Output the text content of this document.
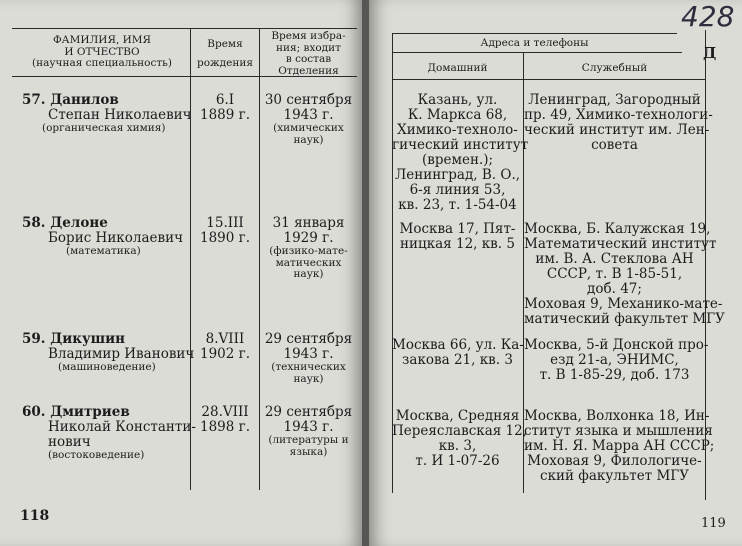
ФАМИЛИЯ, ИМЯ
И ОТЧЕСТВО
(научная специальность)
Время
рождения
Время избра-
ния; входит
в состав
Отделения
57. Данилов
Степан Николаевич
(органическая химия)
6.I
1889 г.
30 сентября
1943 г.
(химических
наук)
58. Делоне
Борис Николаевич
(математика)
15.III
1890 г.
31 января
1929 г.
(физико-мате-
матических
наук)
59. Дикушин
Владимир Иванович
(машиноведение)
8.VIII
1902 г.
29 сентября
1943 г.
(технических
наук)
60. Дмитриев
Николай Константи-
нович
(востоковедение)
28.VIII
1898 г.
29 сентября
1943 г.
(литературы и
языка)
118
428
Адреса и телефоны
Домашний	Служебный
Д
Казань, ул.
К. Маркса 68,
Химико-техноло-
гический институт
(времен.);
Ленинград, В. О.,
6-я линия 53,
кв. 23, т. 1-54-04
Ленинград, Загородный
пр. 49, Химико-технологи-
ческий институт им. Лен-
совета
Москва 17, Пят-
ницкая 12, кв. 5
Москва, Б. Калужская 19,
Математический институт
им. В. А. Стеклова АН
СССР, т. В 1-85-51,
доб. 47;
Моховая 9, Механико-мате-
матический факультет МГУ
Москва 66, ул. Ка-
закова 21, кв. 3
Москва, 5-й Донской про-
езд 21-а, ЭНИМС,
т. В 1-85-29, доб. 173
Москва, Средняя
Переяславская 12,
кв. 3,
т. И 1-07-26
Москва, Волхонка 18, Ин-
ститут языка и мышления
им. Н. Я. Марра АН СССР;
Моховая 9, Филологиче-
ский факультет МГУ
119
